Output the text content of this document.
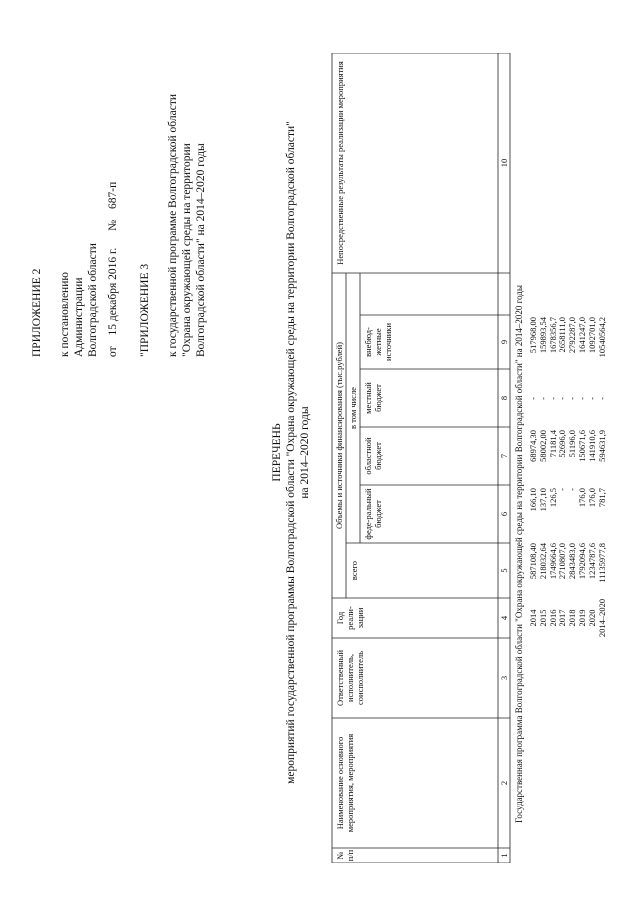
ПРИЛОЖЕНИЕ 2 к постановлению Администрации Волгоградской области от 15 декабря 2016 г. № 687-п
"ПРИЛОЖЕНИЕ 3 к государственной программе Волгоградской области "Охрана окружающей среды на территории Волгоградской области" на 2014–2020 годы
ПЕРЕЧЕНЬ мероприятий государственной программы Волгоградской области "Охрана окружающей среды на территории Волгоградской области" на 2014–2020 годы
№ п/п
Наименование основного мероприятия, мероприятия
Ответственный исполнитель, соисполнитель
Год реали-зации
Объемы и источники финансирования (тыс.рублей)
всего
в том числе
феде-ральный бюджет
областной бюджет
местный бюджет
внебюд-жетные источники
Непосредственные результаты реализации мероприятия
1
2
3
4
5
6
7
8
9
10
Государственная программа Волгоградской области "Охрана окружающей среды на территории Волгоградской области" на 2014–2020 годы 2014
587108,40
166,10
68974,30
-
517968,00
2015
218032,64
137,10
58002,00
-
159893,54
2016
1749664,6
126,5
71181,4
-
1678356,7
2017
2710807,0
-
52696,0
-
2658111,0
2018
2843483,0
-
51196,0
-
2792287,0
2019
1792094,6
176,0
150671,6
-
1641247,0
2020
1234787,6
176,0
141910,6
-
1092701,0
2014–2020
11135977,8
781,7
594631,9
-
10540564,2
